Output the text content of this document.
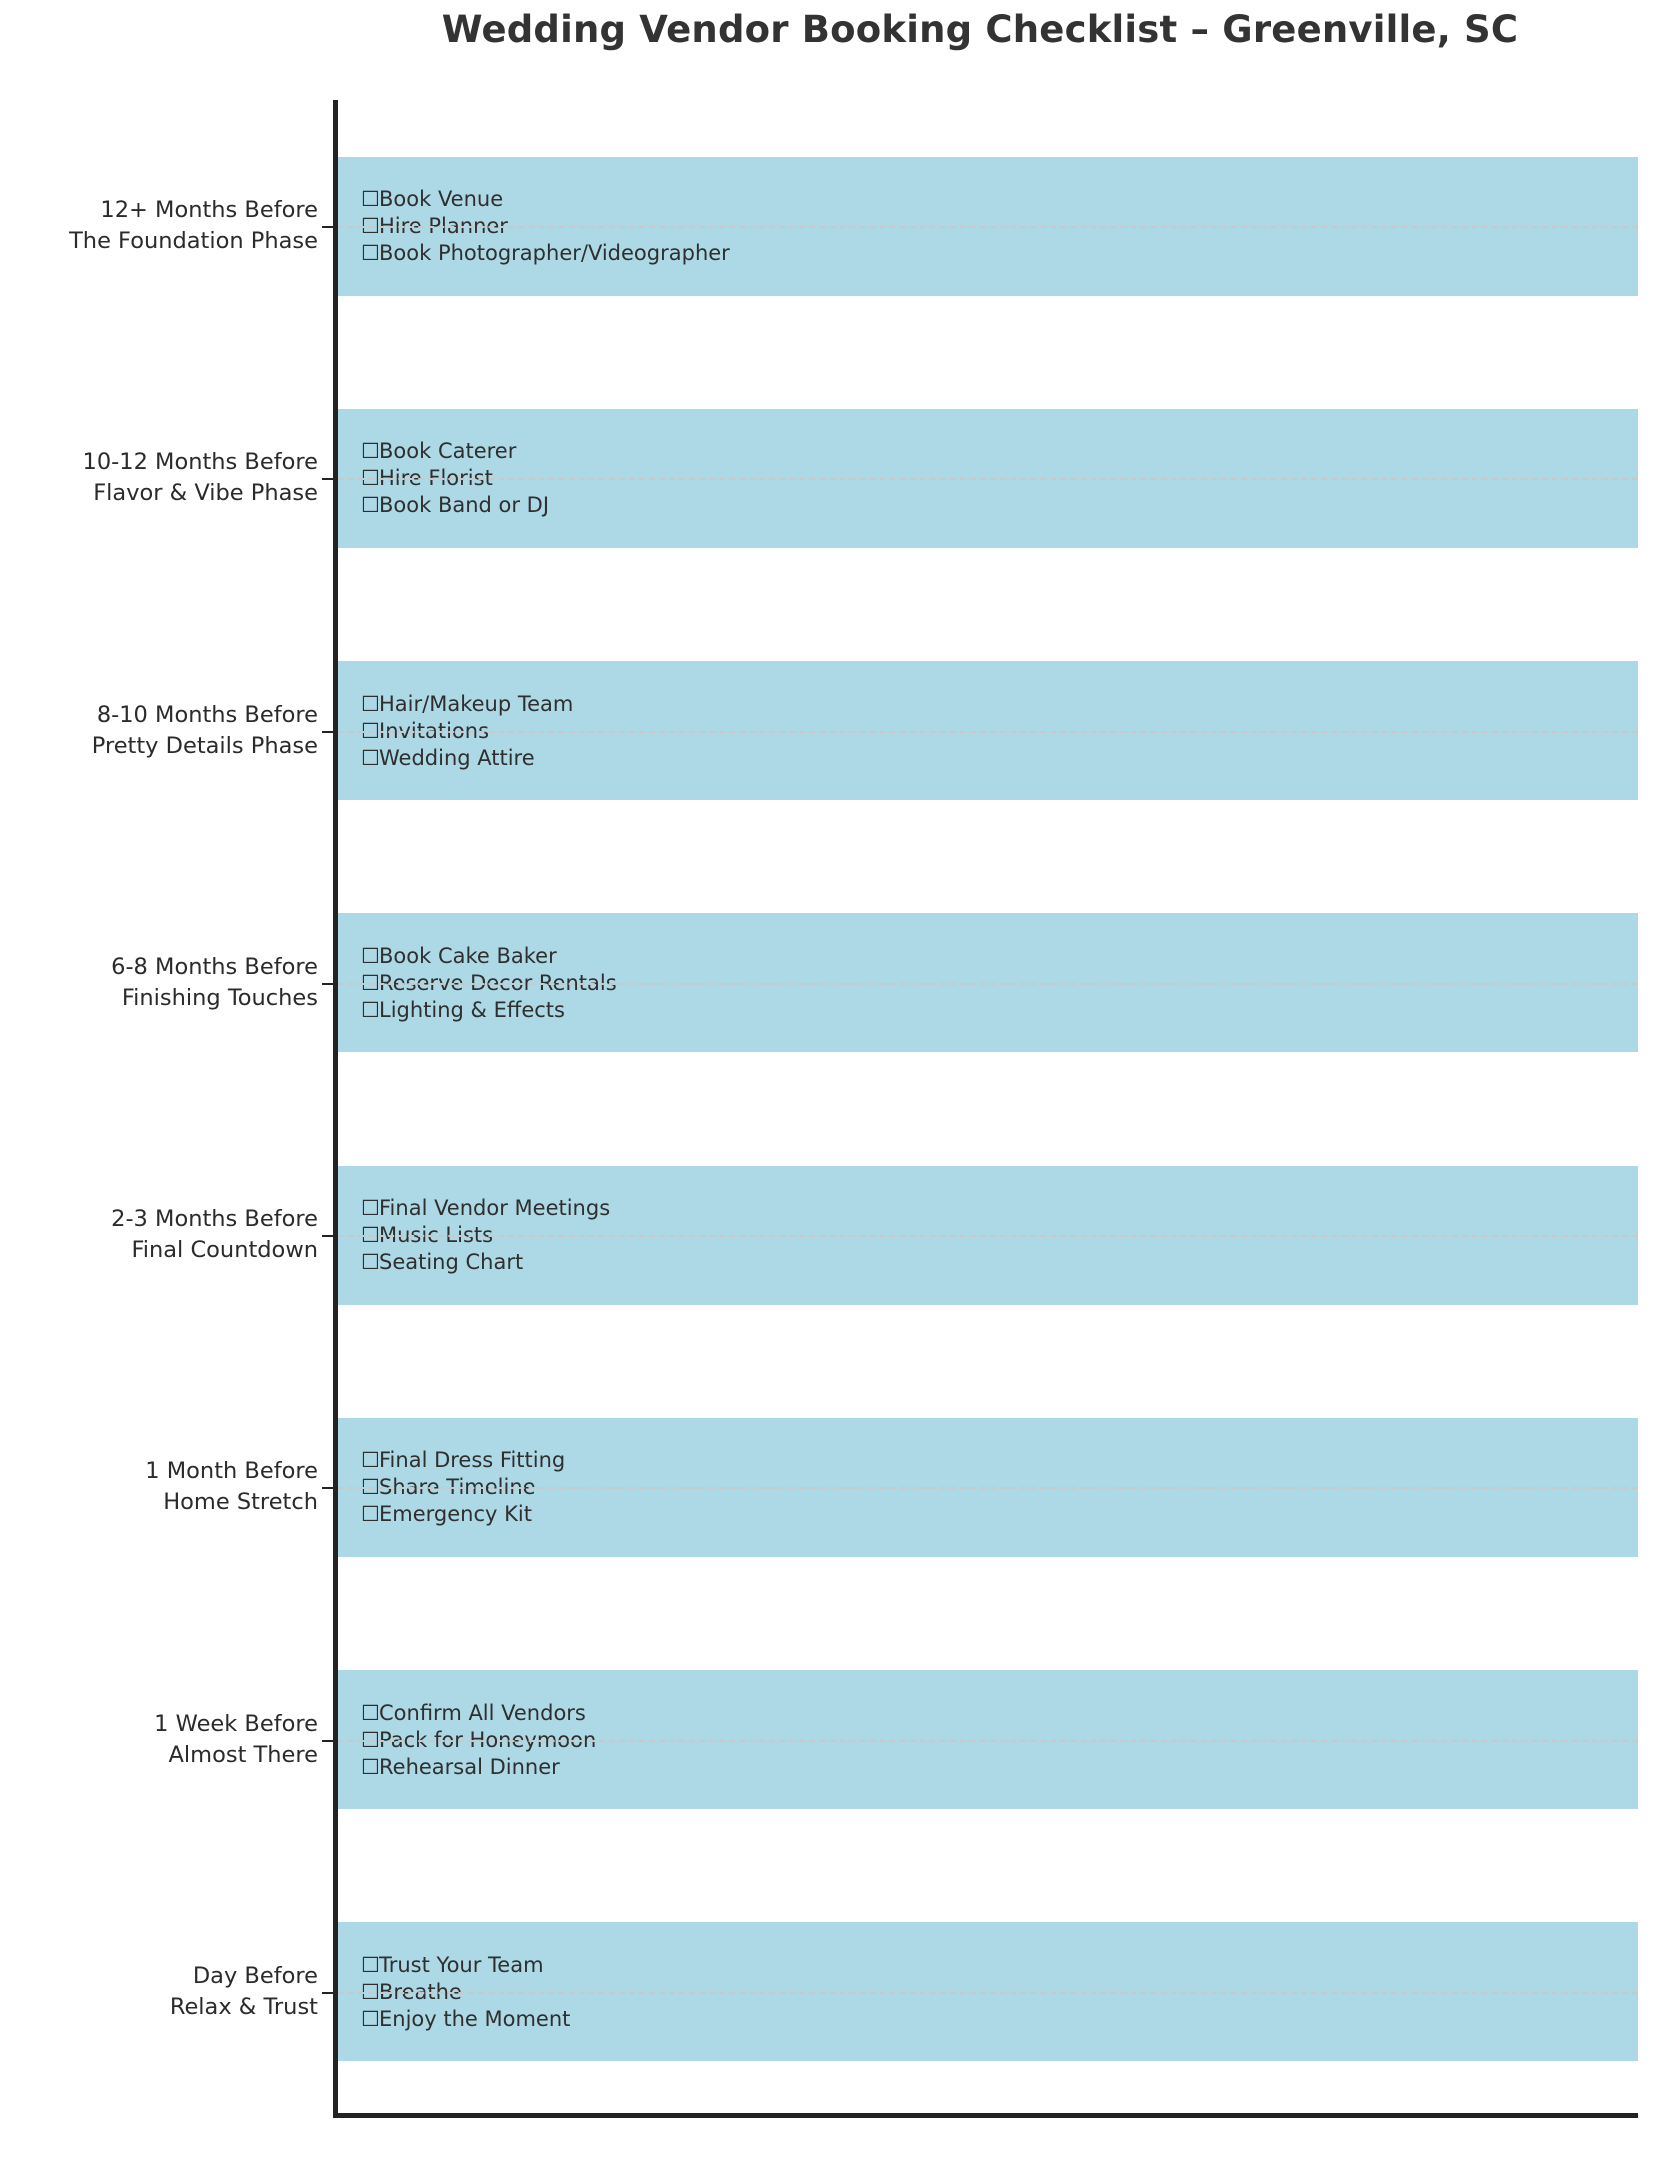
Wedding Vendor Booking Checklist – Greenville, SC
☐Book Venue
☐Hire Planner
☐Book Photographer/Videographer
☐Book Caterer
☐Hire Florist
☐Book Band or DJ
☐Hair/Makeup Team
☐Invitations
☐Wedding Attire
☐Book Cake Baker
☐Reserve Decor Rentals
☐Lighting & Effects
☐Final Vendor Meetings
☐Music Lists
☐Seating Chart
☐Final Dress Fitting
☐Share Timeline
☐Emergency Kit
☐Confirm All Vendors
☐Pack for Honeymoon
☐Rehearsal Dinner
☐Trust Your Team
☐Breathe
☐Enjoy the Moment
12+ Months Before
The Foundation Phase
10-12 Months Before
Flavor & Vibe Phase
8-10 Months Before
Pretty Details Phase
6-8 Months Before
Finishing Touches
2-3 Months Before
Final Countdown
1 Month Before
Home Stretch
1 Week Before
Almost There
Day Before
Relax & Trust
